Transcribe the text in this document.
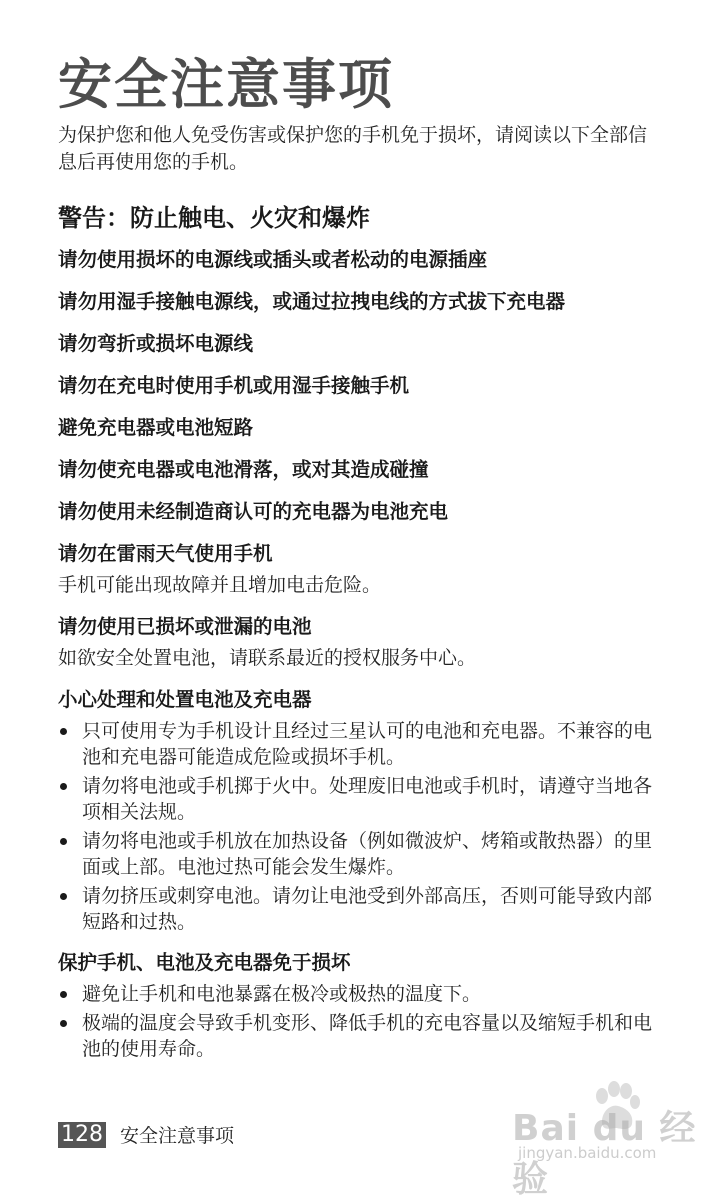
安全注意事项

为保护您和他人免受伤害或保护您的手机免于损坏，请阅读以下全部信息后再使用您的手机。

警告：防止触电、火灾和爆炸
请勿使用损坏的电源线或插头或者松动的电源插座
请勿用湿手接触电源线，或通过拉拽电线的方式拔下充电器
请勿弯折或损坏电源线
请勿在充电时使用手机或用湿手接触手机
避免充电器或电池短路
请勿使充电器或电池滑落，或对其造成碰撞
请勿使用未经制造商认可的充电器为电池充电
请勿在雷雨天气使用手机

手机可能出现故障并且增加电击危险。

请勿使用已损坏或泄漏的电池

如欲安全处置电池，请联系最近的授权服务中心。

小心处理和处置电池及充电器
只可使用专为手机设计且经过三星认可的电池和充电器。不兼容的电池和充电器可能造成危险或损坏手机。
请勿将电池或手机掷于火中。处理废旧电池或手机时，请遵守当地各项相关法规。
请勿将电池或手机放在加热设备（例如微波炉、烤箱或散热器）的里面或上部。电池过热可能会发生爆炸。
请勿挤压或刺穿电池。请勿让电池受到外部高压，否则可能导致内部短路和过热。
保护手机、电池及充电器免于损坏
避免让手机和电池暴露在极冷或极热的温度下。
极端的温度会导致手机变形、降低手机的充电容量以及缩短手机和电池的使用寿命。
128 安全注意事项	Bai du 经验
jingyan.baidu.com
